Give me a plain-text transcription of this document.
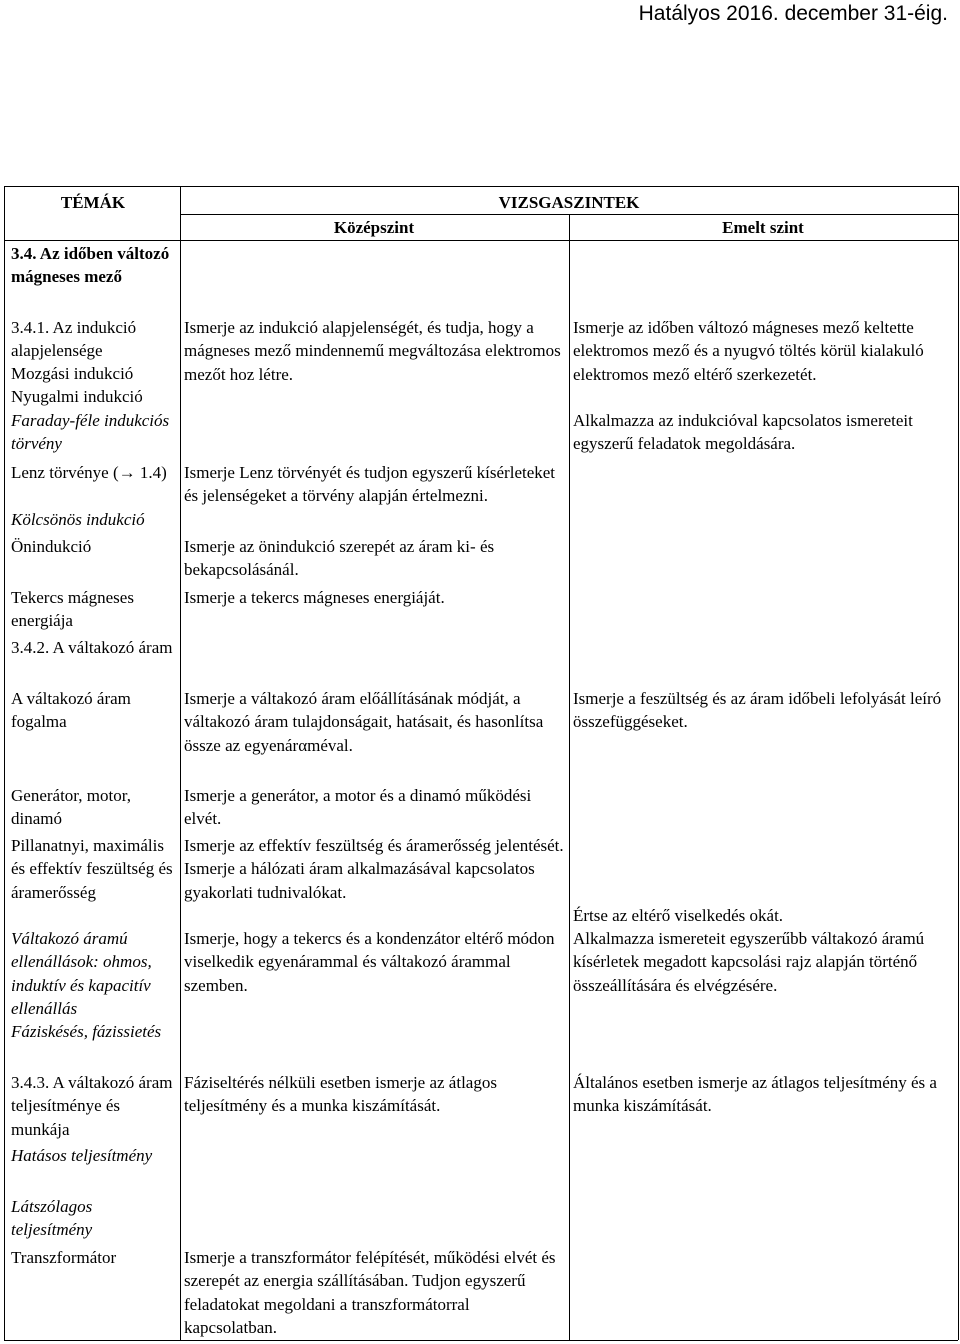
Hatályos 2016. december 31-éig.
TÉMÁK	VIZSGASZINTEK
Középszint	Emelt szint
3.4. Az időben változó mágneses mező
3.4.1. Az indukció alapjelensége
Mozgási indukció
Nyugalmi indukció
Faraday-féle indukciós törvény
Lenz törvénye (→ 1.4)
Kölcsönös indukció
Önindukció
Tekercs mágneses energiája
3.4.2. A váltakozó áram
A váltakozó áram fogalma
Generátor, motor, dinamó
Pillanatnyi, maximális és effektív feszültség és áramerősség
Váltakozó áramú ellenállások: ohmos, induktív és kapacitív ellenállás
Fáziskésés, fázissietés
3.4.3. A váltakozó áram teljesítménye és munkája
Hatásos teljesítmény
Látszólagos teljesítmény
Transzformátor
Ismerje az indukció alapjelenségét, és tudja, hogy a mágneses mező mindennemű megváltozása elektromos mezőt hoz létre.
Ismerje Lenz törvényét és tudjon egyszerű kísérleteket és jelenségeket a törvény alapján értelmezni.
Ismerje az önindukció szerepét az áram ki- és bekapcsolásánál.
Ismerje a tekercs mágneses energiáját.
Ismerje a váltakozó áram előállításának módját, a váltakozó áram tulajdonságait, hatásait, és hasonlítsa össze az egyenárαméval.
Ismerje a generátor, a motor és a dinamó működési elvét.
Ismerje az effektív feszültség és áramerősség jelentését. Ismerje a hálózati áram alkalmazásával kapcsolatos gyakorlati tudnivalókat.
Ismerje, hogy a tekercs és a kondenzátor eltérő módon viselkedik egyenárammal és váltakozó árammal szemben.
Fáziseltérés nélküli esetben ismerje az átlagos teljesítmény és a munka kiszámítását.
Ismerje a transzformátor felépítését, működési elvét és szerepét az energia szállításában. Tudjon egyszerű feladatokat megoldani a transzformátorral kapcsolatban.
Ismerje az időben változó mágneses mező keltette elektromos mező és a nyugvó töltés körül kialakuló elektromos mező eltérő szerkezetét.
Alkalmazza az indukcióval kapcsolatos ismereteit egyszerű feladatok megoldására.
Ismerje a feszültség és az áram időbeli lefolyását leíró összefüggéseket.
Értse az eltérő viselkedés okát.
Alkalmazza ismereteit egyszerűbb váltakozó áramú kísérletek megadott kapcsolási rajz alapján történő összeállítására és elvégzésére.
Általános esetben ismerje az átlagos teljesítmény és a munka kiszámítását.
